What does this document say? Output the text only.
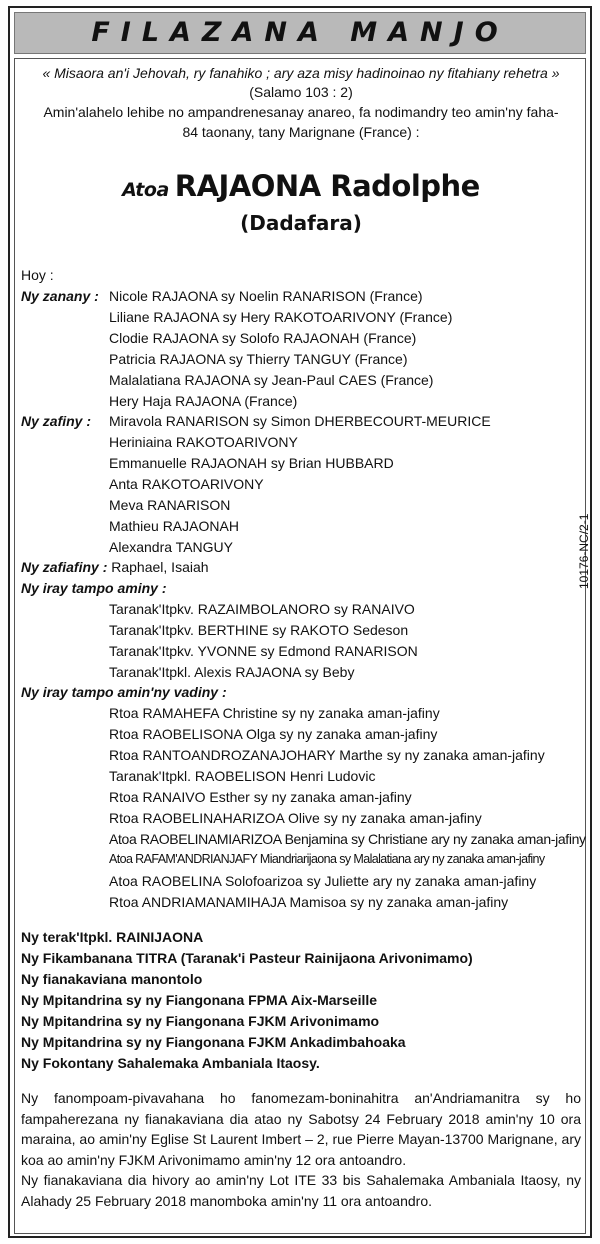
FILAZANA MANJO
« Misaora an'i Jehovah, ry fanahiko ; ary aza misy hadinoinao ny fitahiany rehetra »
(Salamo 103 : 2)
Amin'alahelo lehibe no ampandrenesanay anareo, fa nodimandry teo amin'ny faha-
84 taonany, tany Marignane (France) :
Atoa RAJAONA Radolphe
(Dadafara)
Hoy :
Ny zanany : Nicole RAJAONA sy Noelin RANARISON (France)
Liliane RAJAONA sy Hery RAKOTOARIVONY (France)
Clodie RAJAONA sy Solofo RAJAONAH (France)
Patricia RAJAONA sy Thierry TANGUY (France)
Malalatiana RAJAONA sy Jean-Paul CAES (France)
Hery Haja RAJAONA (France)
Ny zafiny : Miravola RANARISON sy Simon DHERBECOURT-MEURICE
Heriniaina RAKOTOARIVONY
Emmanuelle RAJAONAH sy Brian HUBBARD
Anta RAKOTOARIVONY
Meva RANARISON
Mathieu RAJAONAH
Alexandra TANGUY
Ny zafiafiny : Raphael, Isaiah
Ny iray tampo aminy :
Taranak'Itpkv. RAZAIMBOLANORO sy RANAIVO
Taranak'Itpkv. BERTHINE sy RAKOTO Sedeson
Taranak'Itpkv. YVONNE sy Edmond RANARISON
Taranak'Itpkl. Alexis RAJAONA sy Beby
Ny iray tampo amin'ny vadiny :
Rtoa RAMAHEFA Christine sy ny zanaka aman-jafiny
Rtoa RAOBELISONA Olga sy ny zanaka aman-jafiny
Rtoa RANTOANDROZANAJOHARY Marthe sy ny zanaka aman-jafiny
Taranak'Itpkl. RAOBELISON Henri Ludovic
Rtoa RANAIVO Esther sy ny zanaka aman-jafiny
Rtoa RAOBELINAHARIZOA Olive sy ny zanaka aman-jafiny
Atoa RAOBELINAMIARIZOA Benjamina sy Christiane ary ny zanaka aman-jafiny
Atoa RAFAM'ANDRIANJAFY Miandriarijaona sy Malalatiana ary ny zanaka aman-jafiny
Atoa RAOBELINA Solofoarizoa sy Juliette ary ny zanaka aman-jafiny
Rtoa ANDRIAMANAMIHAJA Mamisoa sy ny zanaka aman-jafiny
Ny terak'Itpkl. RAINIJAONA
Ny Fikambanana TITRA (Taranak'i Pasteur Rainijaona Arivonimamo)
Ny fianakaviana manontolo
Ny Mpitandrina sy ny Fiangonana FPMA Aix-Marseille
Ny Mpitandrina sy ny Fiangonana FJKM Arivonimamo
Ny Mpitandrina sy ny Fiangonana FJKM Ankadimbahoaka
Ny Fokontany Sahalemaka Ambaniala Itaosy.
Ny fanompoam-pivavahana ho fanomezam-boninahitra an'Andriamanitra sy ho fampaherezana ny fianakaviana dia atao ny Sabotsy 24 February 2018 amin'ny 10 ora maraina, ao amin'ny Eglise St Laurent Imbert – 2, rue Pierre Mayan-13700 Marignane, ary koa ao amin'ny FJKM Arivonimamo amin'ny 12 ora antoandro.
Ny fianakaviana dia hivory ao amin'ny Lot ITE 33 bis Sahalemaka Ambaniala Itaosy, ny Alahady 25 February 2018 manomboka amin'ny 11 ora antoandro.
10176-NC/2-1
